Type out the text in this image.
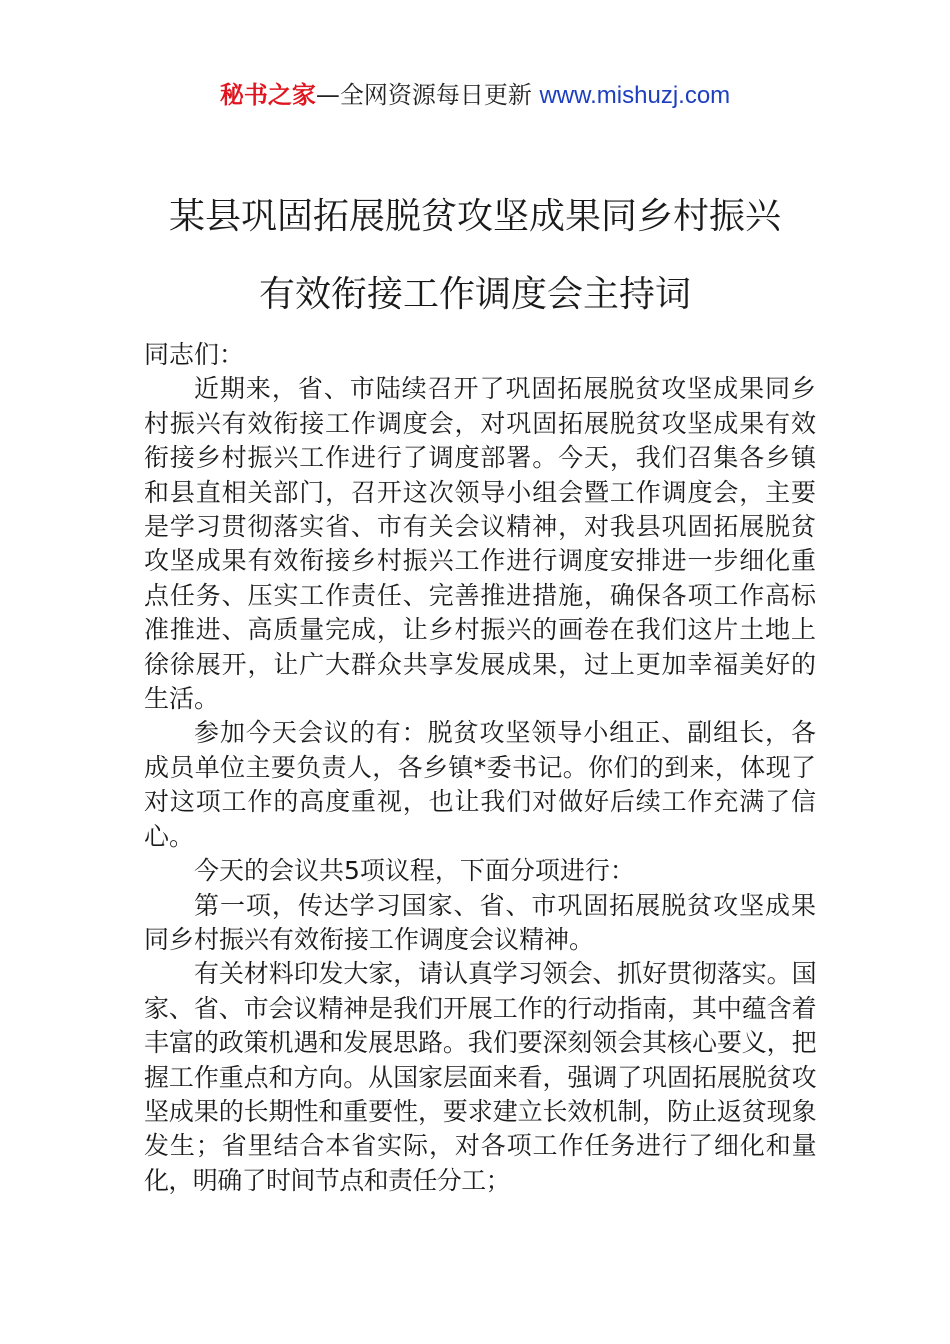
秘书之家—全网资源每日更新 www.mishuzj.com
某县巩固拓展脱贫攻坚成果同乡村振兴
有效衔接工作调度会主持词

同志们：

近期来，省、市陆续召开了巩固拓展脱贫攻坚成果同乡村振兴有效衔接工作调度会，对巩固拓展脱贫攻坚成果有效衔接乡村振兴工作进行了调度部署。今天，我们召集各乡镇和县直相关部门，召开这次领导小组会暨工作调度会，主要是学习贯彻落实省、市有关会议精神，对我县巩固拓展脱贫攻坚成果有效衔接乡村振兴工作进行调度安排进一步细化重点任务、压实工作责任、完善推进措施，确保各项工作高标准推进、高质量完成，让乡村振兴的画卷在我们这片土地上徐徐展开，让广大群众共享发展成果，过上更加幸福美好的生活。

参加今天会议的有：脱贫攻坚领导小组正、副组长，各成员单位主要负责人，各乡镇*委书记。你们的到来，体现了对这项工作的高度重视，也让我们对做好后续工作充满了信心。

今天的会议共5项议程，下面分项进行：

第一项，传达学习国家、省、市巩固拓展脱贫攻坚成果同乡村振兴有效衔接工作调度会议精神。

有关材料印发大家，请认真学习领会、抓好贯彻落实。国家、省、市会议精神是我们开展工作的行动指南，其中蕴含着丰富的政策机遇和发展思路。我们要深刻领会其核心要义，把握工作重点和方向。从国家层面来看，强调了巩固拓展脱贫攻坚成果的长期性和重要性，要求建立长效机制，防止返贫现象发生；省里结合本省实际，对各项工作任务进行了细化和量化，明确了时间节点和责任分工；
